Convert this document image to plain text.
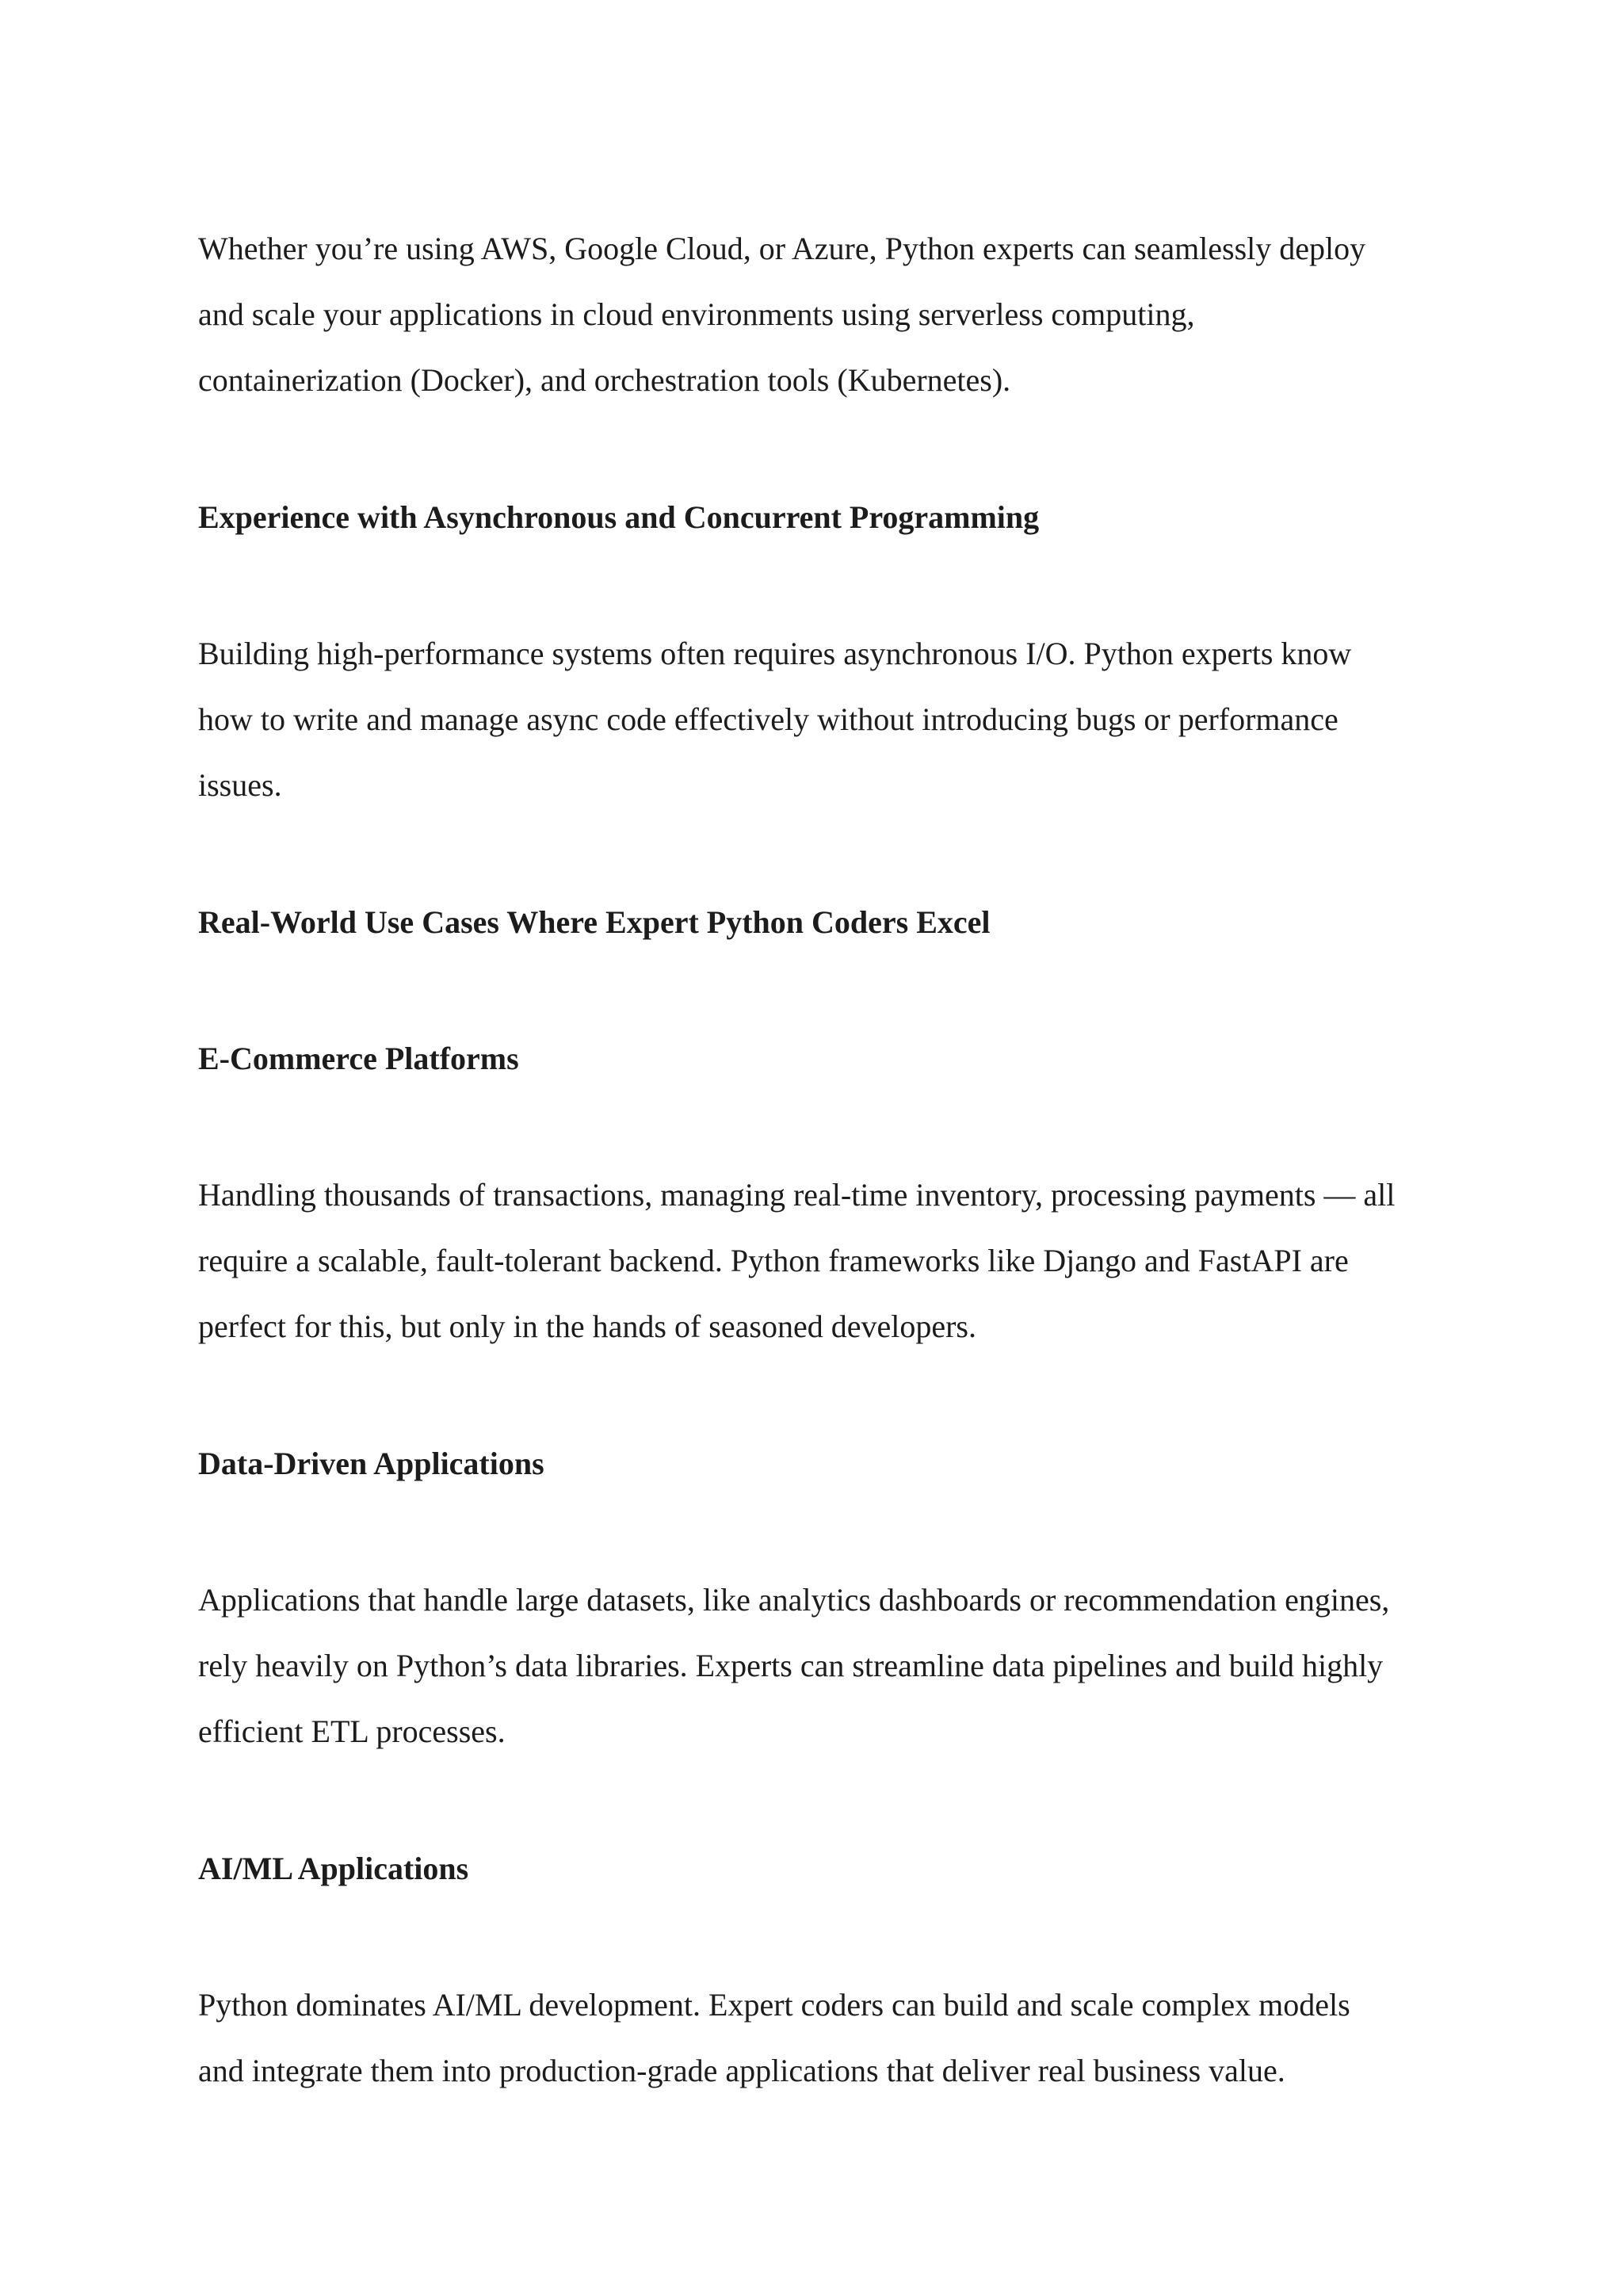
Whether you’re using AWS, Google Cloud, or Azure, Python experts can seamlessly deploy
and scale your applications in cloud environments using serverless computing,
containerization (Docker), and orchestration tools (Kubernetes).

Experience with Asynchronous and Concurrent Programming

Building high-performance systems often requires asynchronous I/O. Python experts know
how to write and manage async code effectively without introducing bugs or performance
issues.

Real-World Use Cases Where Expert Python Coders Excel
E-Commerce Platforms

Handling thousands of transactions, managing real-time inventory, processing payments — all
require a scalable, fault-tolerant backend. Python frameworks like Django and FastAPI are
perfect for this, but only in the hands of seasoned developers.

Data-Driven Applications

Applications that handle large datasets, like analytics dashboards or recommendation engines,
rely heavily on Python’s data libraries. Experts can streamline data pipelines and build highly
efficient ETL processes.

AI/ML Applications

Python dominates AI/ML development. Expert coders can build and scale complex models
and integrate them into production-grade applications that deliver real business value.
